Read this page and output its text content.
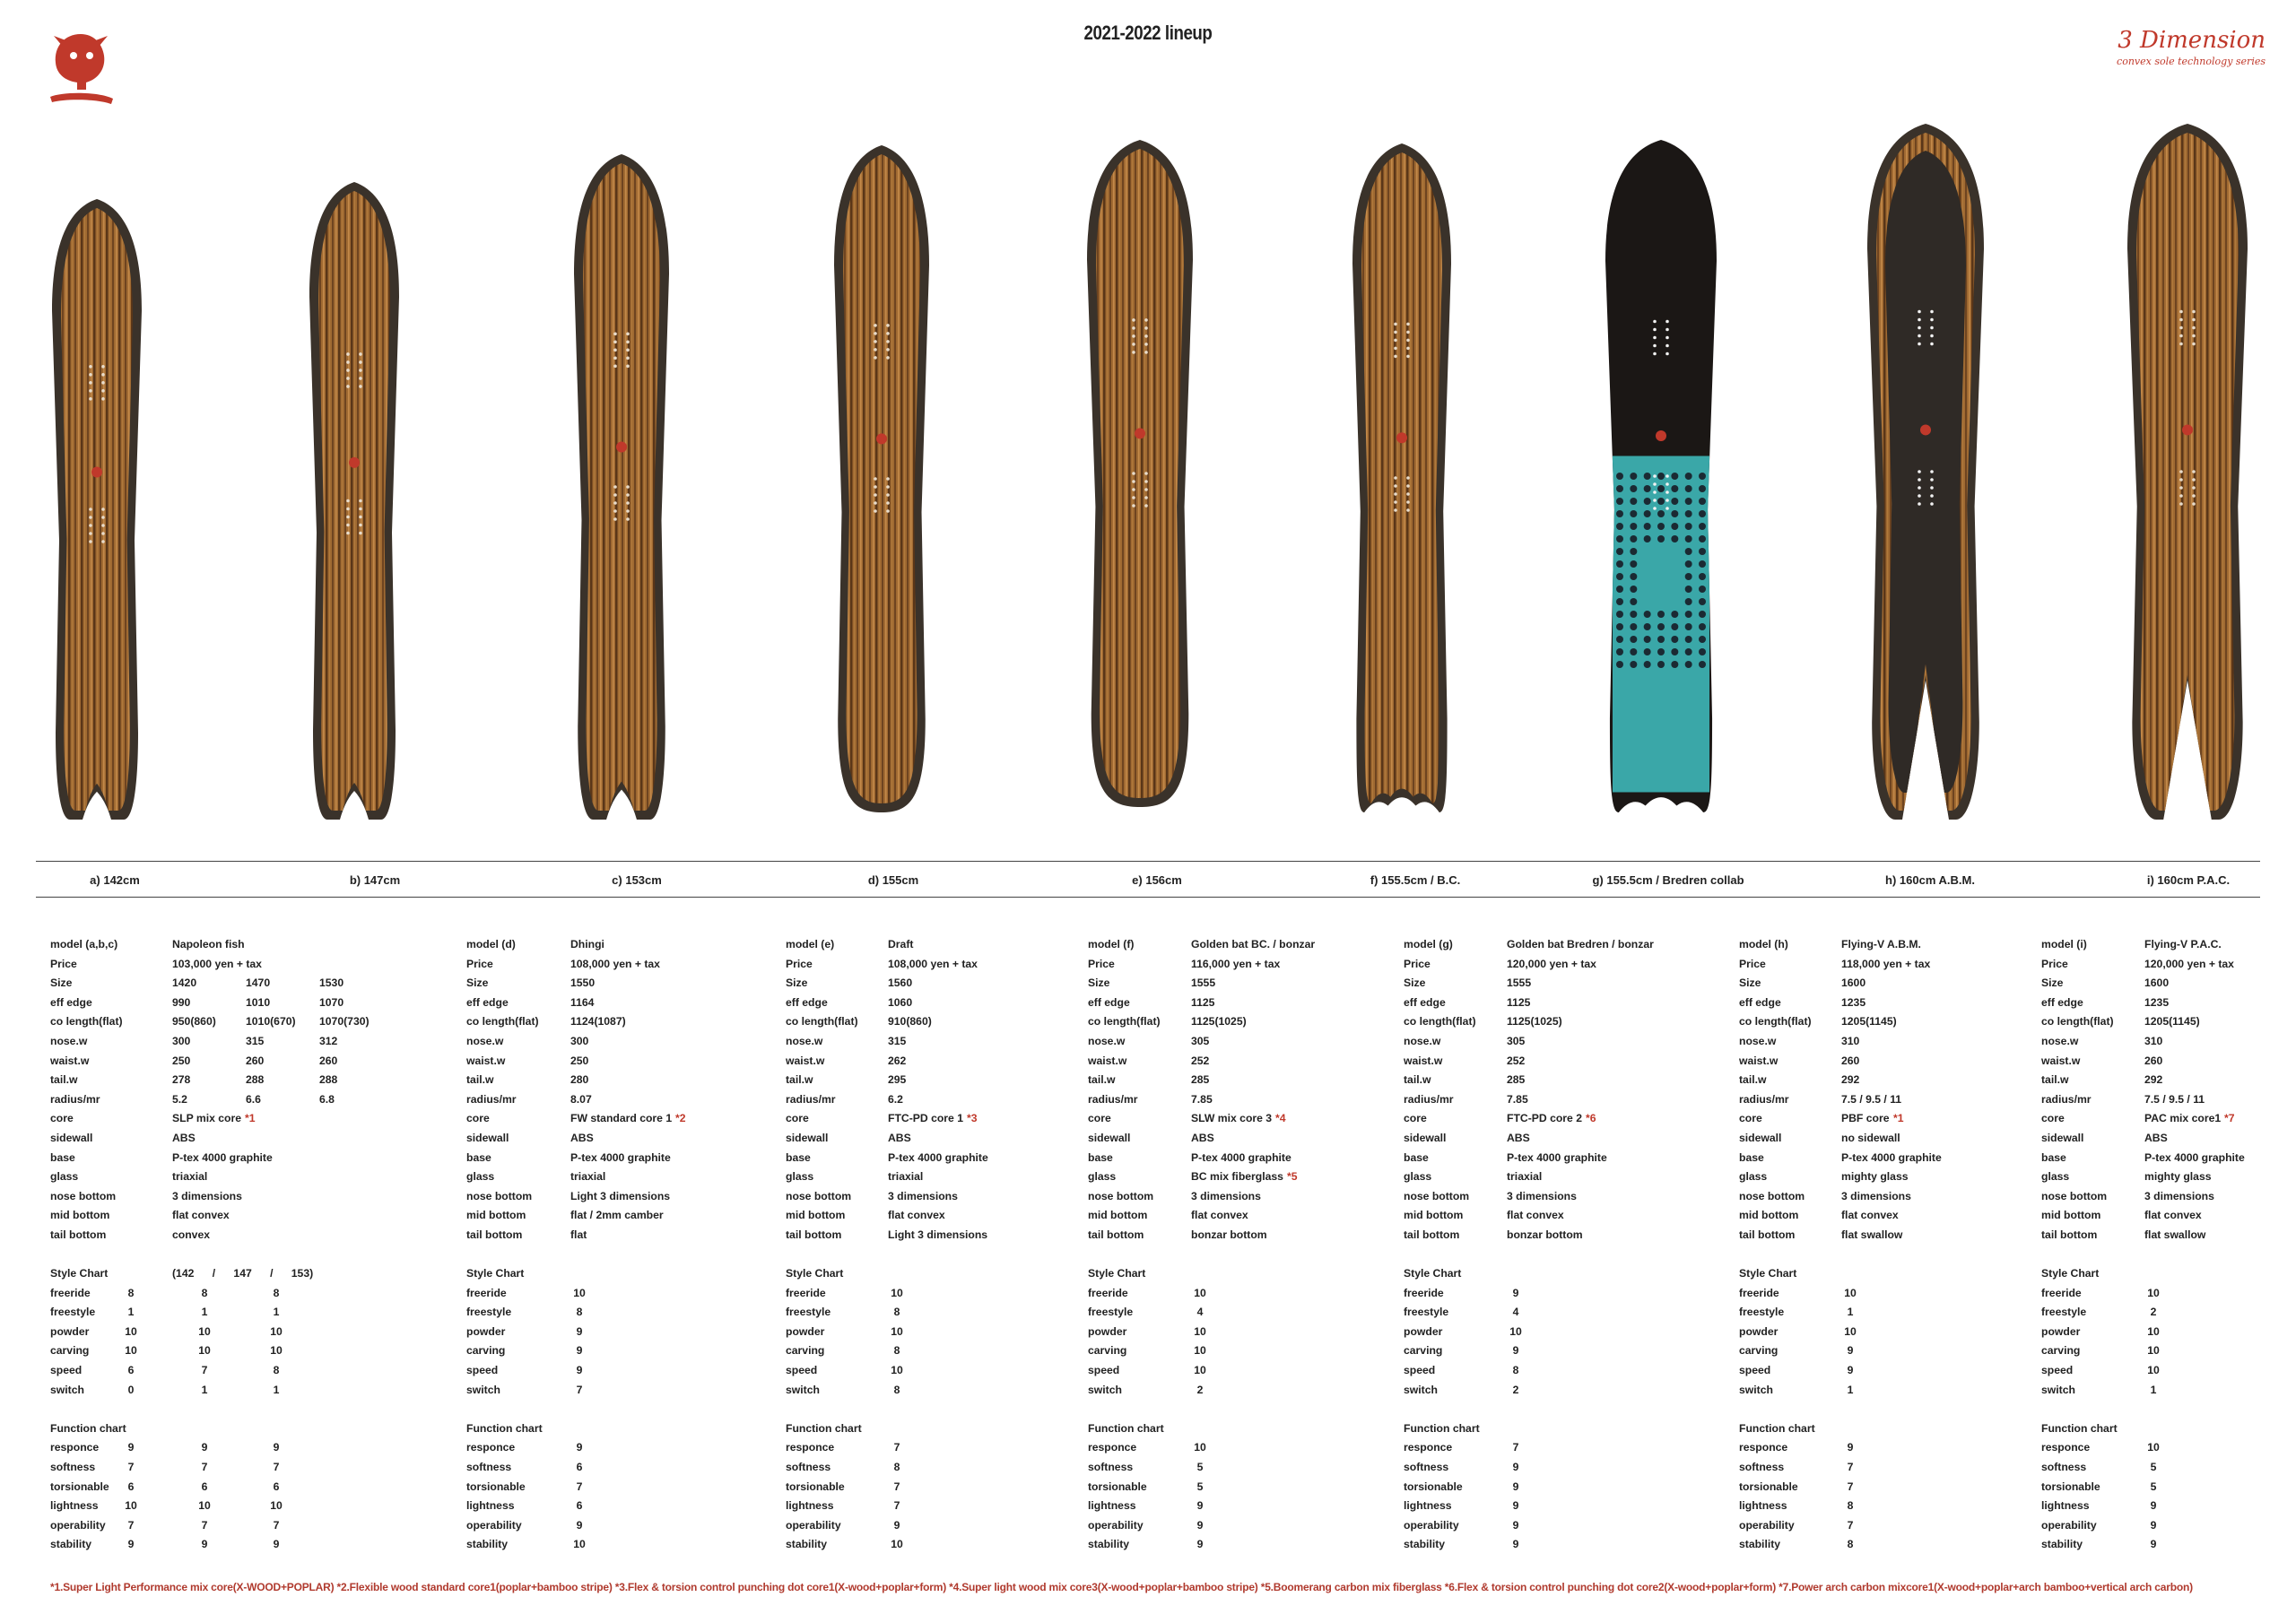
2021-2022 lineup	3 Dimension
convex sole technology series
a) 142cm	b) 147cm	c) 153cm	d) 155cm	e) 156cm	f) 155.5cm / B.C.	g) 155.5cm / Bredren collab	h) 160cm A.B.M.	i) 160cm P.A.C.
model (a,b,c)	Napoleon fish
Price	103,000 yen + tax
Size	1420	1470	1530
eff edge	990	1010	1070
co length(flat)	950(860)	1010(670) 1070(730)
nose.w	300	315	312
waist.w	250	260	260
tail.w	278	288	288
radius/mr	5.2	6.6	6.8
core	SLP mix core *1
sidewall	ABS
base	P-tex 4000 graphite
glass	triaxial
nose bottom	3 dimensions
mid bottom	flat convex
tail bottom	convex
Style Chart	(142      /      147      /      153)
freeride	8	8	8
freestyle	1	1	1
powder	10	10	10
carving	10	10	10
speed	6	7	8
switch	0	1	1
Function chart
responce	9	9	9
softness	7	7	7
torsionable 6	6	6
lightness 10	10	10
operability 7	7	7
stability	9	9	9
model (d)	Dhingi
Price	108,000 yen + tax
Size	1550
eff edge	1164
co length(flat)	1124(1087)
nose.w	300
waist.w	250
tail.w	280
radius/mr	8.07
core	FW standard core 1 *2
sidewall	ABS
base	P-tex 4000 graphite
glass	triaxial
nose bottom	Light 3 dimensions
mid bottom	flat / 2mm camber
tail bottom	flat
Style Chart
freeride	10
freestyle	8
powder	9
carving	9
speed	9
switch	7
Function chart
responce	9
softness	6
torsionable	7
lightness	6
operability	9
stability	10
model (e)	Draft
Price	108,000 yen + tax
Size	1560
eff edge	1060
co length(flat)	910(860)
nose.w	315
waist.w	262
tail.w	295
radius/mr	6.2
core	FTC-PD core 1 *3
sidewall	ABS
base	P-tex 4000 graphite
glass	triaxial
nose bottom	3 dimensions
mid bottom	flat convex
tail bottom	Light 3 dimensions
Style Chart
freeride	10
freestyle	8
powder	10
carving	8
speed	10
switch	8
Function chart
responce	7
softness	8
torsionable	7
lightness	7
operability	9
stability	10
model (f)	Golden bat BC. / bonzar
Price	116,000 yen + tax
Size	1555
eff edge	1125
co length(flat)	1125(1025)
nose.w	305
waist.w	252
tail.w	285
radius/mr	7.85
core	SLW mix core 3 *4
sidewall	ABS
base	P-tex 4000 graphite
glass	BC mix fiberglass *5
nose bottom	3 dimensions
mid bottom	flat convex
tail bottom	bonzar bottom
Style Chart
freeride	10
freestyle	4
powder	10
carving	10
speed	10
switch	2
Function chart
responce	10
softness	5
torsionable	5
lightness	9
operability	9
stability	9
model (g)	Golden bat Bredren / bonzar
Price	120,000 yen + tax
Size	1555
eff edge	1125
co length(flat)	1125(1025)
nose.w	305
waist.w	252
tail.w	285
radius/mr	7.85
core	FTC-PD core 2 *6
sidewall	ABS
base	P-tex 4000 graphite
glass	triaxial
nose bottom	3 dimensions
mid bottom	flat convex
tail bottom	bonzar bottom
Style Chart
freeride	9
freestyle	4
powder	10
carving	9
speed	8
switch	2
Function chart
responce	7
softness	9
torsionable	9
lightness	9
operability	9
stability	9
model (h)	Flying-V A.B.M.
Price	118,000 yen + tax
Size	1600
eff edge	1235
co length(flat)	1205(1145)
nose.w	310
waist.w	260
tail.w	292
radius/mr	7.5 / 9.5 / 11
core	PBF core *1
sidewall	no sidewall
base	P-tex 4000 graphite
glass	mighty glass
nose bottom	3 dimensions
mid bottom	flat convex
tail bottom	flat swallow
Style Chart
freeride	10
freestyle	1
powder	10
carving	9
speed	9
switch	1
Function chart
responce	9
softness	7
torsionable	7
lightness	8
operability	7
stability	8
model (i)	Flying-V P.A.C.
Price	120,000 yen + tax
Size	1600
eff edge	1235
co length(flat)	1205(1145)
nose.w	310
waist.w	260
tail.w	292
radius/mr	7.5 / 9.5 / 11
core	PAC mix core1 *7
sidewall	ABS
base	P-tex 4000 graphite
glass	mighty glass
nose bottom	3 dimensions
mid bottom	flat convex
tail bottom	flat swallow
Style Chart
freeride	10
freestyle	2
powder	10
carving	10
speed	10
switch	1
Function chart
responce	10
softness	5
torsionable	5
lightness	9
operability	9
stability	9
*1.Super Light Performance mix core(X-WOOD+POPLAR) *2.Flexible wood standard core1(poplar+bamboo stripe) *3.Flex & torsion control punching dot core1(X-wood+poplar+form) *4.Super light wood mix core3(X-wood+poplar+bamboo stripe) *5.Boomerang carbon mix fiberglass *6.Flex & torsion control punching dot core2(X-wood+poplar+form) *7.Power arch carbon mixcore1(X-wood+poplar+arch bamboo+vertical arch carbon)
